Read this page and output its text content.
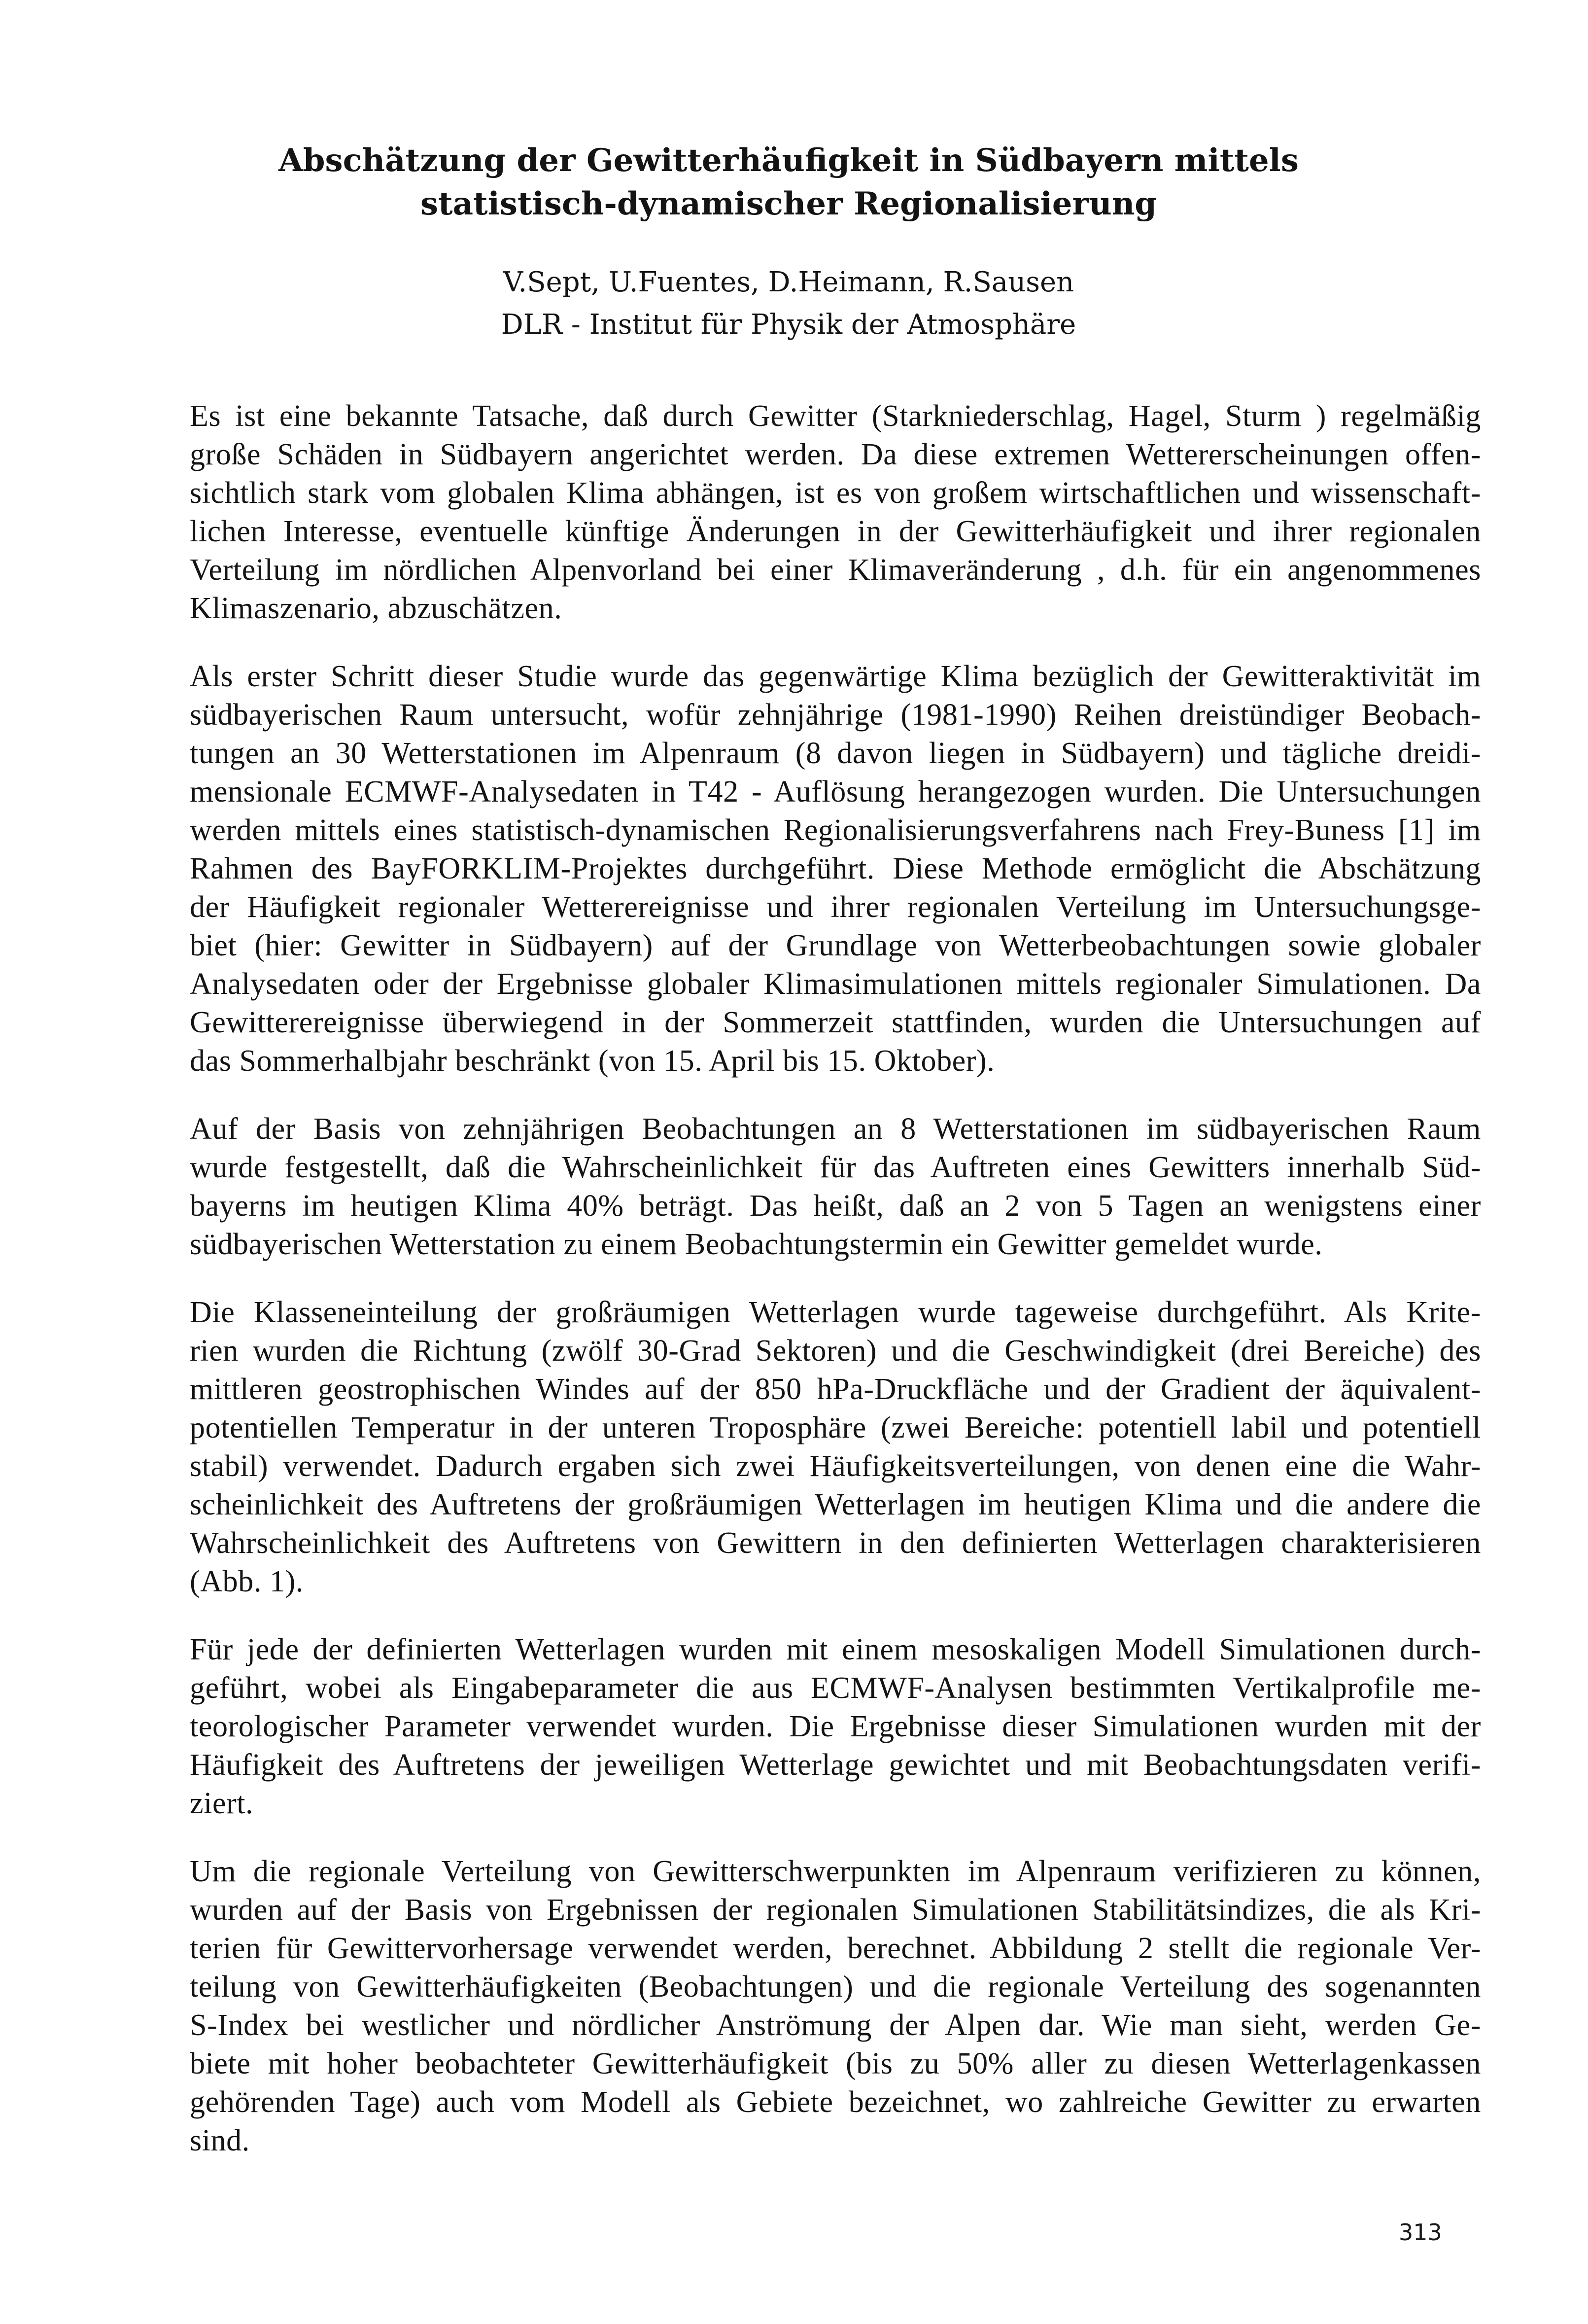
Abschätzung der Gewitterhäufigkeit in Südbayern mittels
statistisch-dynamischer Regionalisierung
V.Sept, U.Fuentes, D.Heimann, R.Sausen
DLR - Institut für Physik der Atmosphäre

Es ist eine bekannte Tatsache, daß durch Gewitter (Starkniederschlag, Hagel, Sturm ) regelmäßig
große Schäden in Südbayern angerichtet werden. Da diese extremen Wettererscheinungen offen-
sichtlich stark vom globalen Klima abhängen, ist es von großem wirtschaftlichen und wissenschaft-
lichen Interesse, eventuelle künftige Änderungen in der Gewitterhäufigkeit und ihrer regionalen
Verteilung im nördlichen Alpenvorland bei einer Klimaveränderung , d.h. für ein angenommenes
Klimaszenario, abzuschätzen.

Als erster Schritt dieser Studie wurde das gegenwärtige Klima bezüglich der Gewitteraktivität im
südbayerischen Raum untersucht, wofür zehnjährige (1981-1990) Reihen dreistündiger Beobach-
tungen an 30 Wetterstationen im Alpenraum (8 davon liegen in Südbayern) und tägliche dreidi-
mensionale ECMWF-Analysedaten in T42 - Auflösung herangezogen wurden. Die Untersuchungen
werden mittels eines statistisch-dynamischen Regionalisierungsverfahrens nach Frey-Buness [1] im
Rahmen des BayFORKLIM-Projektes durchgeführt. Diese Methode ermöglicht die Abschätzung
der Häufigkeit regionaler Wetterereignisse und ihrer regionalen Verteilung im Untersuchungsge-
biet (hier: Gewitter in Südbayern) auf der Grundlage von Wetterbeobachtungen sowie globaler
Analysedaten oder der Ergebnisse globaler Klimasimulationen mittels regionaler Simulationen. Da
Gewitterereignisse überwiegend in der Sommerzeit stattfinden, wurden die Untersuchungen auf
das Sommerhalbjahr beschränkt (von 15. April bis 15. Oktober).

Auf der Basis von zehnjährigen Beobachtungen an 8 Wetterstationen im südbayerischen Raum
wurde festgestellt, daß die Wahrscheinlichkeit für das Auftreten eines Gewitters innerhalb Süd-
bayerns im heutigen Klima 40% beträgt. Das heißt, daß an 2 von 5 Tagen an wenigstens einer
südbayerischen Wetterstation zu einem Beobachtungstermin ein Gewitter gemeldet wurde.

Die Klasseneinteilung der großräumigen Wetterlagen wurde tageweise durchgeführt. Als Krite-
rien wurden die Richtung (zwölf 30-Grad Sektoren) und die Geschwindigkeit (drei Bereiche) des
mittleren geostrophischen Windes auf der 850 hPa-Druckfläche und der Gradient der äquivalent-
potentiellen Temperatur in der unteren Troposphäre (zwei Bereiche: potentiell labil und potentiell
stabil) verwendet. Dadurch ergaben sich zwei Häufigkeitsverteilungen, von denen eine die Wahr-
scheinlichkeit des Auftretens der großräumigen Wetterlagen im heutigen Klima und die andere die
Wahrscheinlichkeit des Auftretens von Gewittern in den definierten Wetterlagen charakterisieren
(Abb. 1).

Für jede der definierten Wetterlagen wurden mit einem mesoskaligen Modell Simulationen durch-
geführt, wobei als Eingabeparameter die aus ECMWF-Analysen bestimmten Vertikalprofile me-
teorologischer Parameter verwendet wurden. Die Ergebnisse dieser Simulationen wurden mit der
Häufigkeit des Auftretens der jeweiligen Wetterlage gewichtet und mit Beobachtungsdaten verifi-
ziert.

Um die regionale Verteilung von Gewitterschwerpunkten im Alpenraum verifizieren zu können,
wurden auf der Basis von Ergebnissen der regionalen Simulationen Stabilitätsindizes, die als Kri-
terien für Gewittervorhersage verwendet werden, berechnet. Abbildung 2 stellt die regionale Ver-
teilung von Gewitterhäufigkeiten (Beobachtungen) und die regionale Verteilung des sogenannten
S-Index bei westlicher und nördlicher Anströmung der Alpen dar. Wie man sieht, werden Ge-
biete mit hoher beobachteter Gewitterhäufigkeit (bis zu 50% aller zu diesen Wetterlagenkassen
gehörenden Tage) auch vom Modell als Gebiete bezeichnet, wo zahlreiche Gewitter zu erwarten
sind.

313
